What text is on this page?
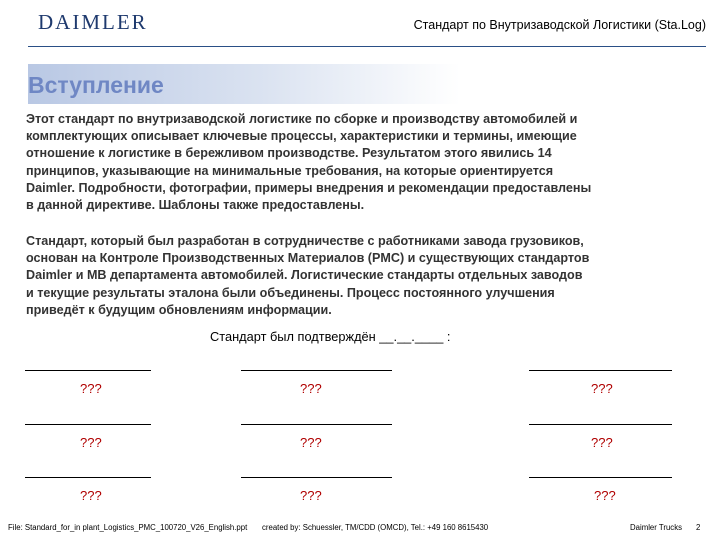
DAIMLER	Стандарт по Внутризаводской Логистики (Sta.Log)
Вступление

Этот стандарт по внутризаводской логистике по сборке и производству автомобилей и
комплектующих описывает ключевые процессы, характеристики и термины, имеющие
отношение к логистике в бережливом производстве. Результатом этого явились 14
принципов, указывающие на минимальные требования, на которые ориентируется
Daimler. Подробности, фотографии, примеры внедрения и рекомендации предоставлены
в данной директиве. Шаблоны также предоставлены.

Стандарт, который был разработан в сотрудничестве с работниками завода грузовиков,
основан на Контроле Производственных Материалов (PMC) и существующих стандартов
Daimler и MB департамента автомобилей. Логистические стандарты отдельных заводов
и текущие результаты эталона были объединены. Процесс постоянного улучшения
приведёт к будущим обновлениям информации.

Стандарт был подтверждён __.__.____ :
???	???	???
???	???	???
???	???	???
File: Standard_for_in plant_Logistics_PMC_100720_V26_English.ppt created by: Schuessler, TM/CDD (OMCD), Tel.: +49 160 8615430	Daimler Trucks 2
